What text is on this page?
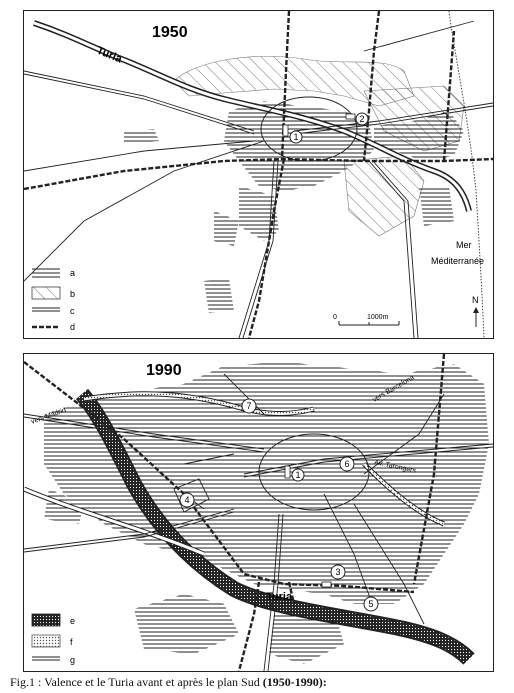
1
2
1950
Turia
Mer
Méditerranée
N
0	1000m
a
b
c
d
7
1
6
4
3
5
1990
Turia
vers Madrid
vers Barcelona
Av. Tarongers
e
f
g
Fig.1 : Valence et le Turia avant et après le plan Sud (1950-1990):
